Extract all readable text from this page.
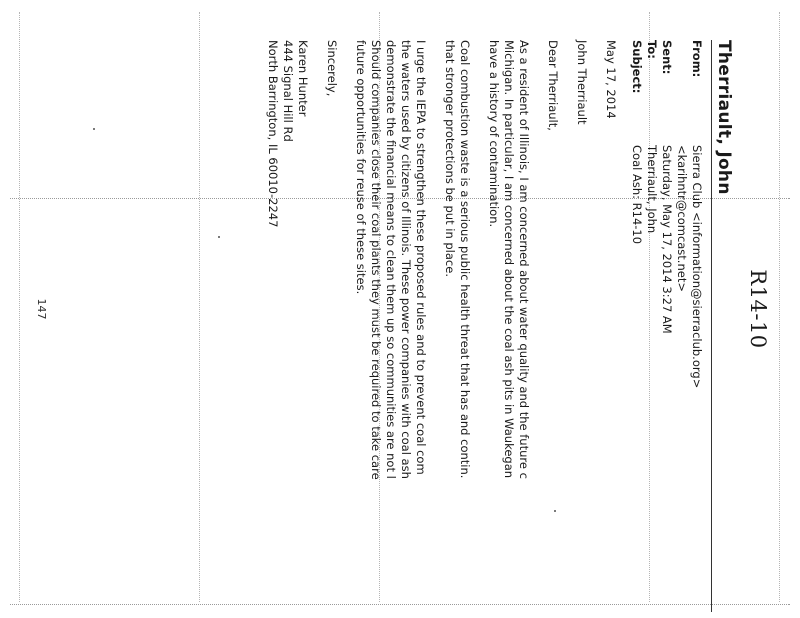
R14-10
Therriault, John
From:
Sierra Club <information@sierraclub.org>
<karihntr@comcast.net>
Sent:
Saturday, May 17, 2014 3:27 AM
To:
Therriault, John
Subject:
Coal Ash: R14-10

May 17, 2014

John Therriault

Dear Therriault,

As a resident of Illinois, I am concerned about water quality and the future c
Michigan. In particular, I am concerned about the coal ash pits in Waukegan
have a history of contamination.

Coal combustion waste is a serious public health threat that has and contin.
that stronger protections be put in place.

I urge the IEPA to strengthen these proposed rules and to prevent coal com
the waters used by citizens of Illinois. These power companies with coal ash
demonstrate the financial means to clean them up so communities are not l
Should companies close their coal plants they must be required to take care
future opportunities for reuse of these sites.

Sincerely,

Karen Hunter
444 Signal Hill Rd
North Barrington, IL 60010-2247
147
